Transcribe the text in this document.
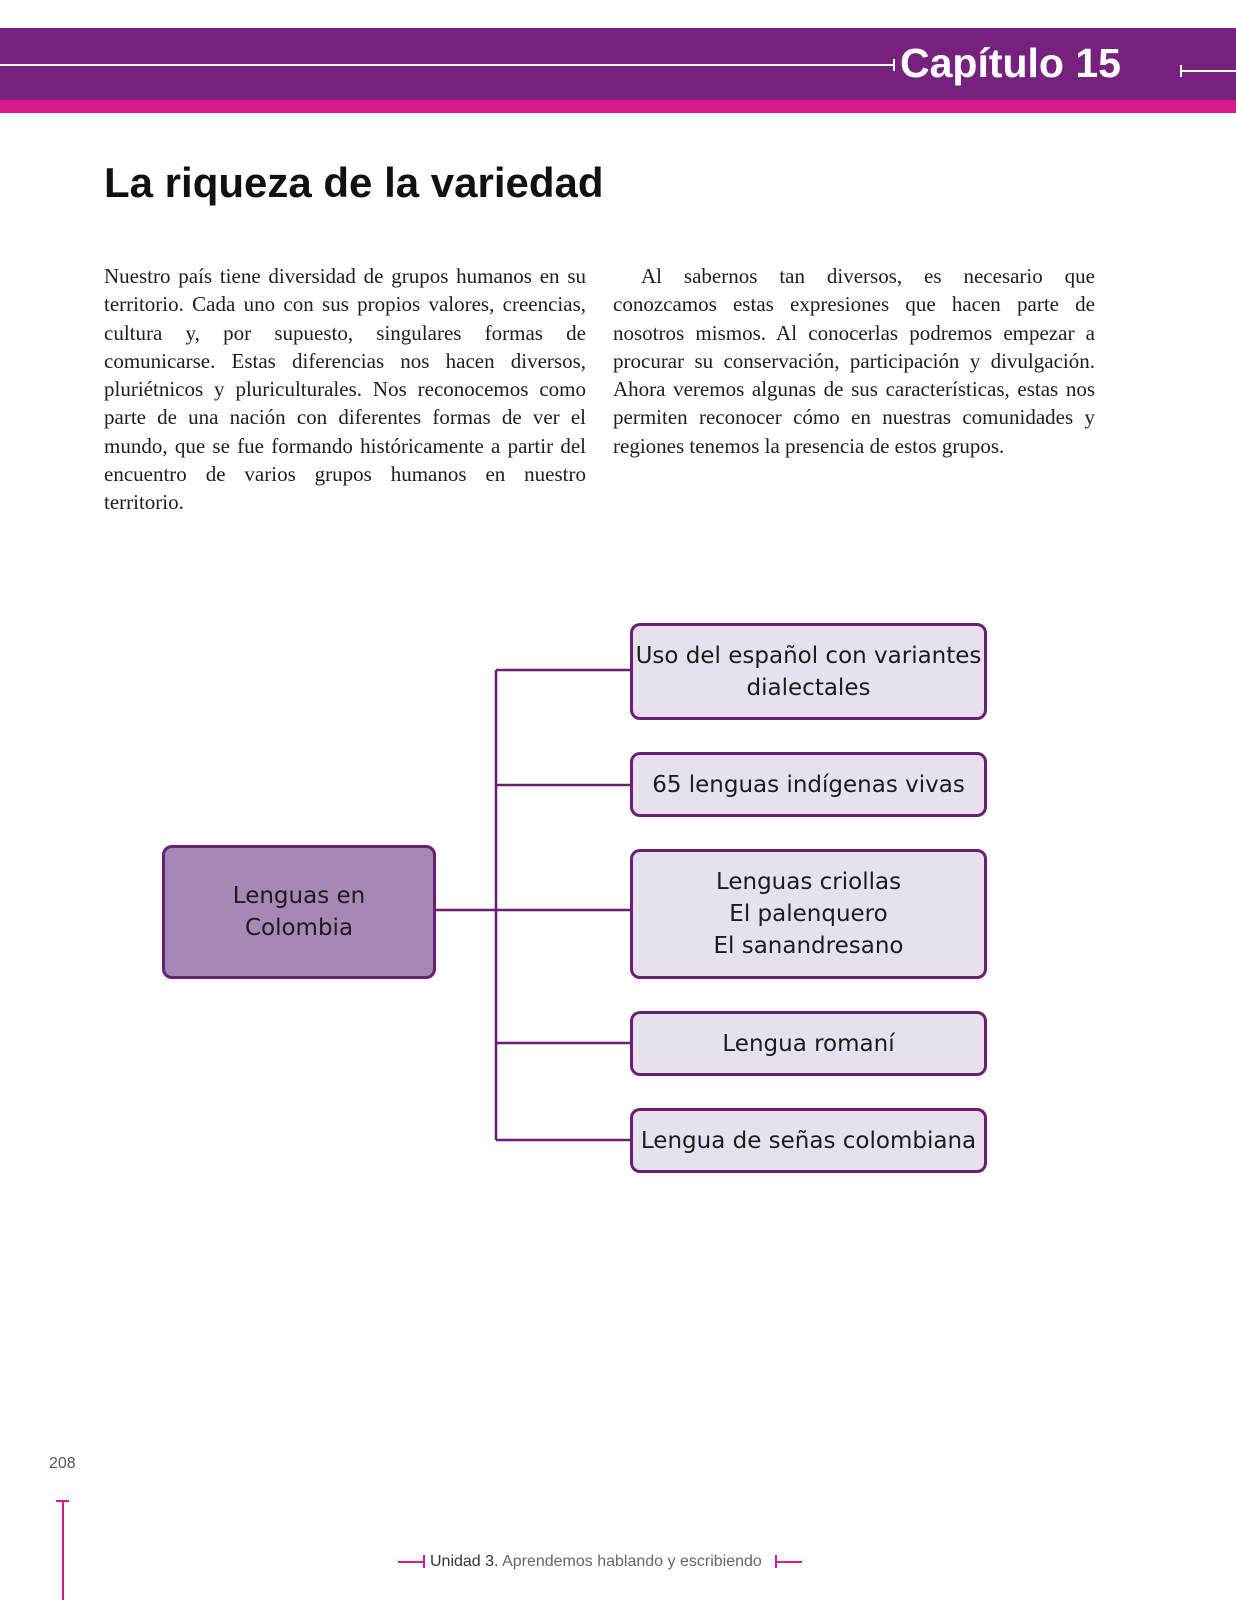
Capítulo 15
La riqueza de la variedad

Nuestro país tiene diversidad de grupos humanos en su territorio. Cada uno con sus propios valores, creencias, cultura y, por supuesto, singulares formas de comunicarse. Estas diferencias nos hacen diversos, pluriétnicos y pluriculturales. Nos reconocemos como parte de una nación con diferentes formas de ver el mundo, que se fue formando históricamente a partir del encuentro de varios grupos humanos en nuestro territorio.

Al sabernos tan diversos, es necesario que conozcamos estas expresiones que hacen parte de nosotros mismos. Al conocerlas podremos empezar a procurar su conservación, participación y divulgación. Ahora veremos algunas de sus características, estas nos permiten reconocer cómo en nuestras comunidades y regiones tenemos la presencia de estos grupos.

Lenguas en
Colombia
Uso del español con variantes
dialectales
65 lenguas indígenas vivas
Lenguas criollas
El palenquero
El sanandresano
Lengua romaní
Lengua de señas colombiana
208
Unidad 3. Aprendemos hablando y escribiendo
